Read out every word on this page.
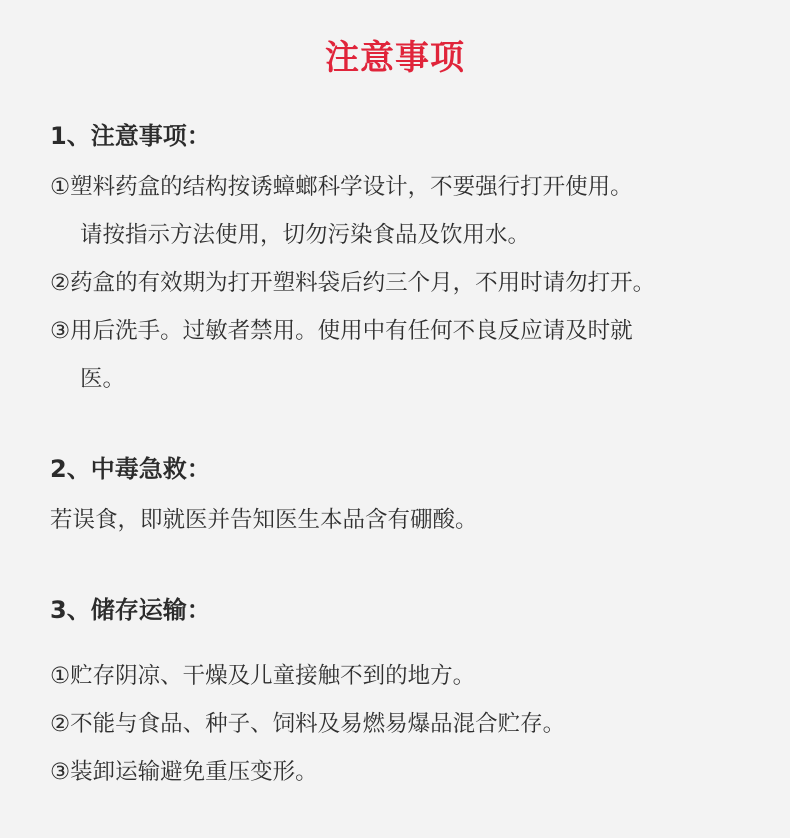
注意事项
1、注意事项：
①塑料药盒的结构按诱蟑螂科学设计，不要强行打开使用。
请按指示方法使用，切勿污染食品及饮用水。
②药盒的有效期为打开塑料袋后约三个月，不用时请勿打开。
③用后洗手。过敏者禁用。使用中有任何不良反应请及时就
医。
2、中毒急救：
若误食，即就医并告知医生本品含有硼酸。
3、储存运输：
①贮存阴凉、干燥及儿童接触不到的地方。
②不能与食品、种子、饲料及易燃易爆品混合贮存。
③装卸运输避免重压变形。
